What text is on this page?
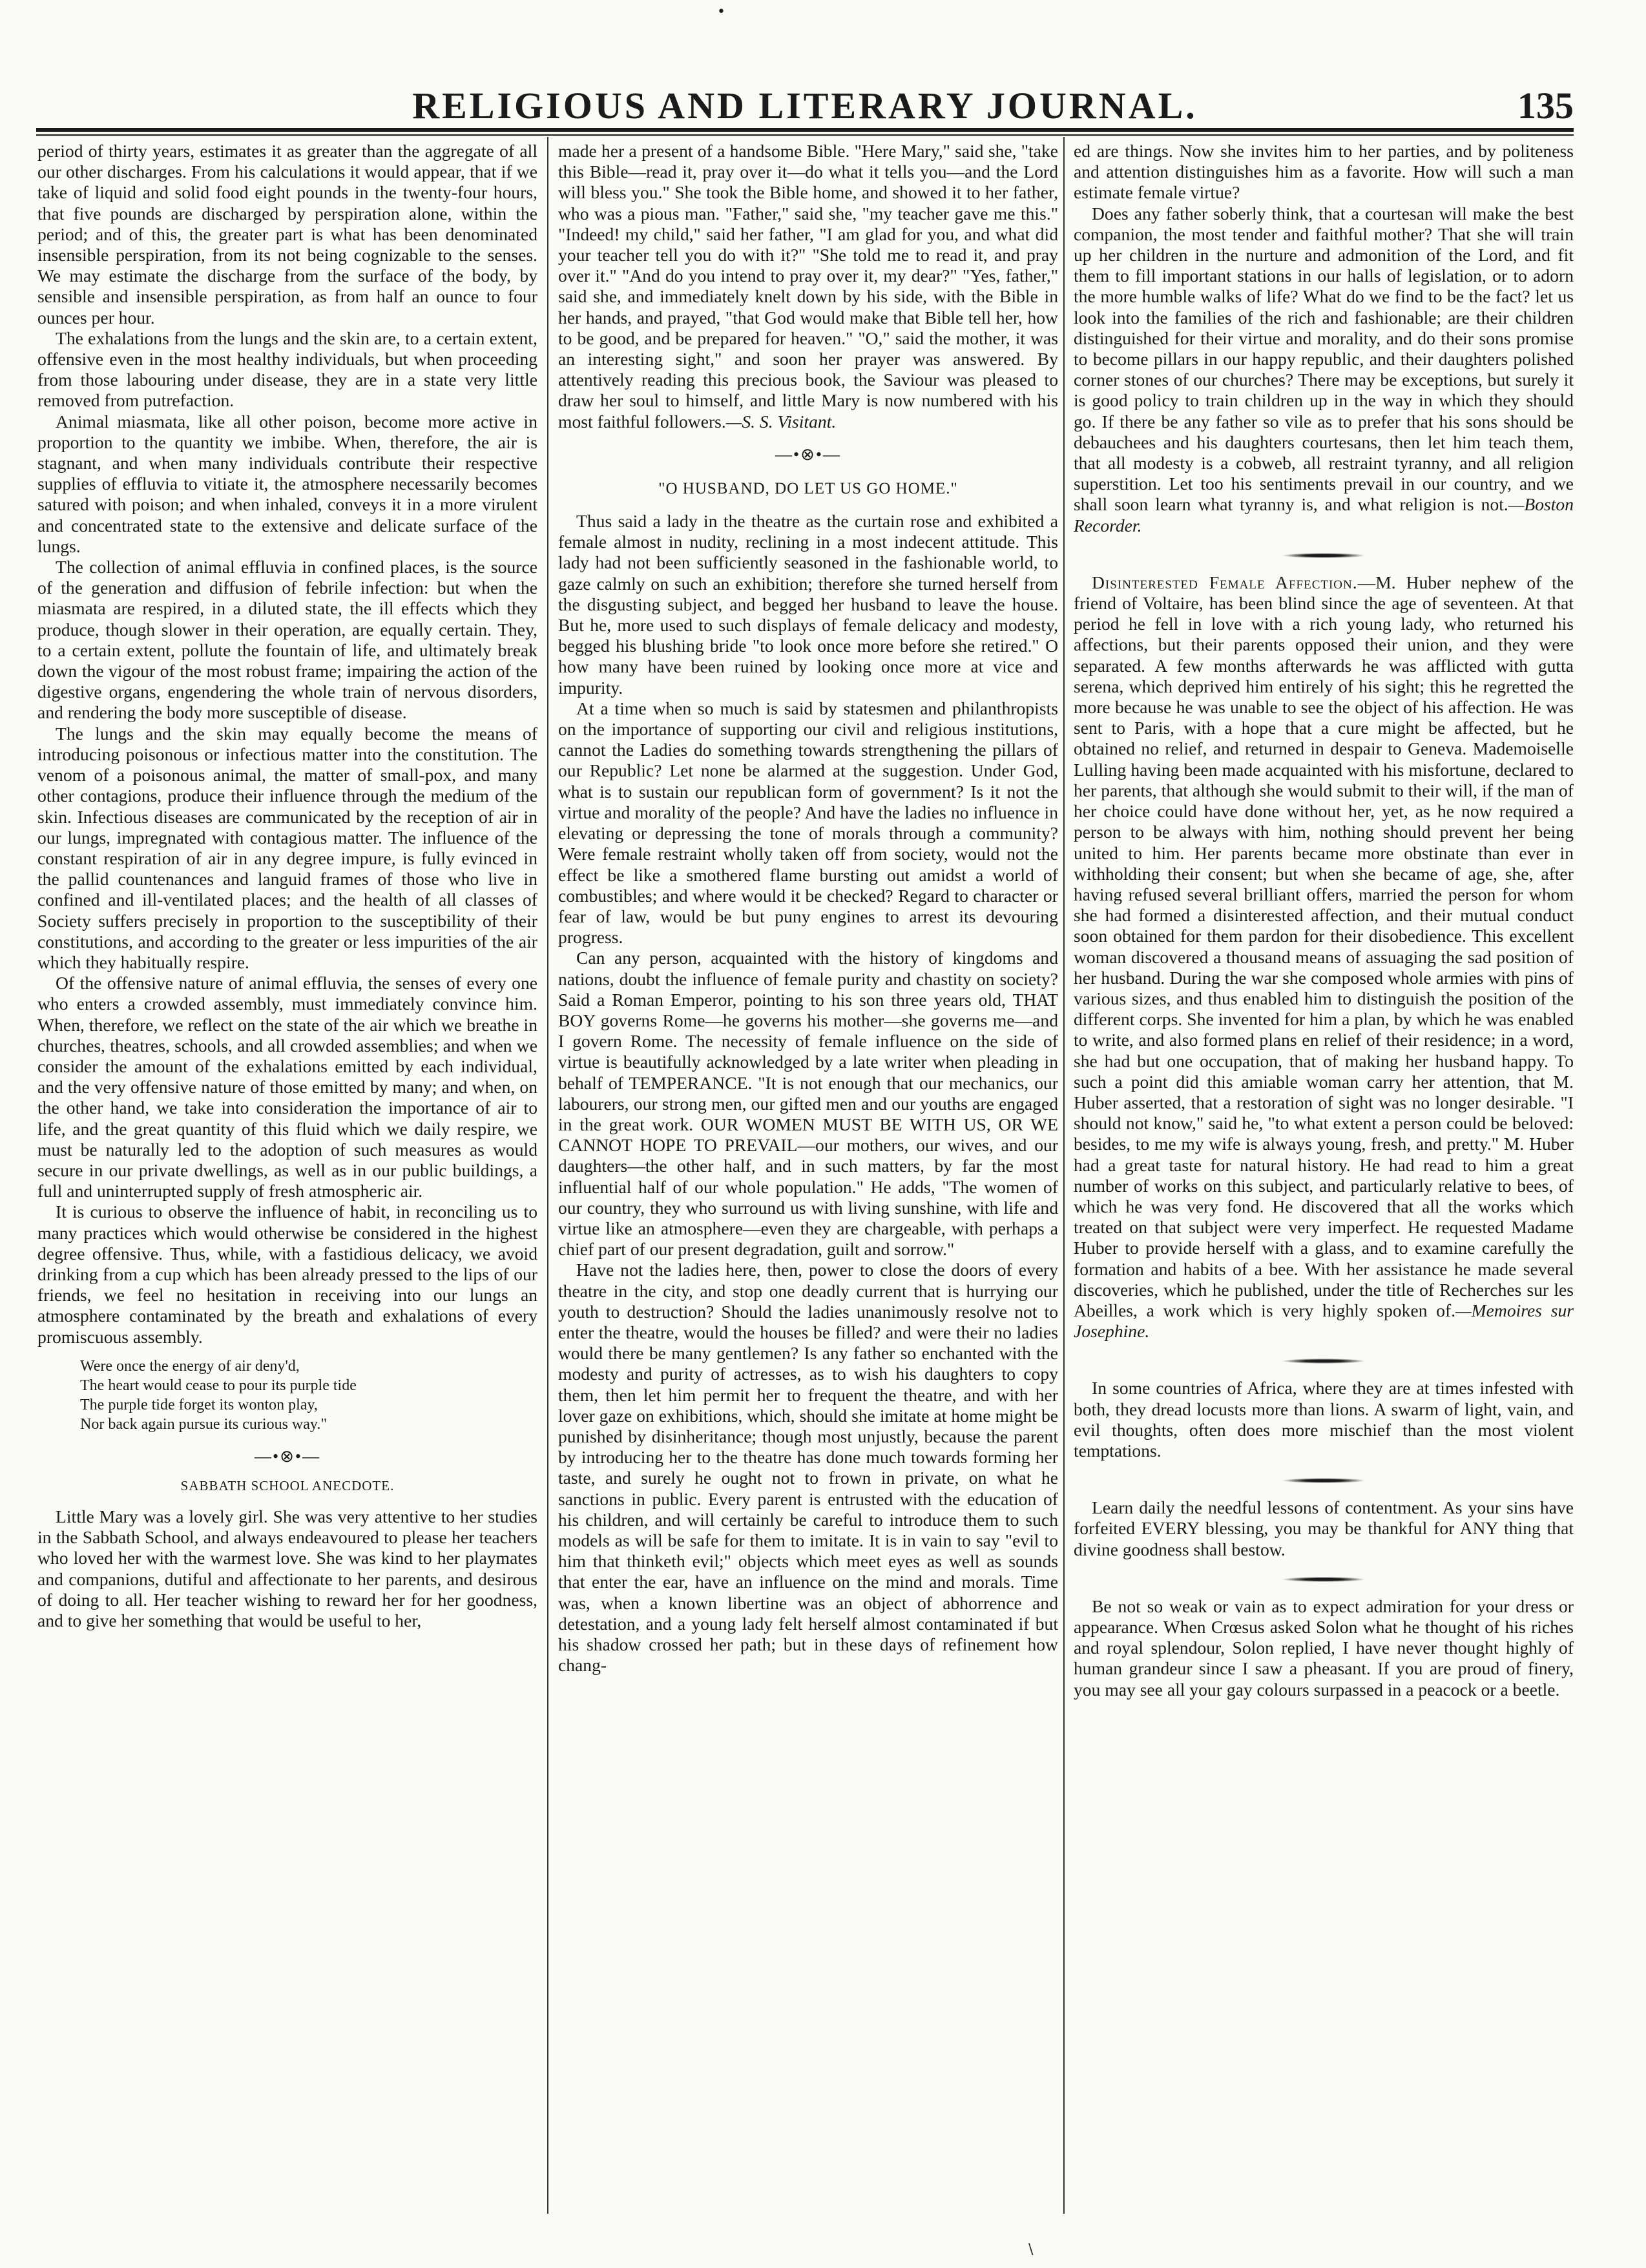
•
RELIGIOUS AND LITERARY JOURNAL.	135

period of thirty years, estimates it as greater than the aggregate of all our other discharges. From his calculations it would appear, that if we take of liquid and solid food eight pounds in the twenty-four hours, that five pounds are discharged by perspiration alone, within the period; and of this, the greater part is what has been denominated insensible perspiration, from its not being cognizable to the senses. We may estimate the discharge from the surface of the body, by sensible and insensible perspiration, as from half an ounce to four ounces per hour.

The exhalations from the lungs and the skin are, to a certain extent, offensive even in the most healthy individuals, but when proceeding from those labouring under disease, they are in a state very little removed from putrefaction.

Animal miasmata, like all other poison, become more active in proportion to the quantity we imbibe. When, therefore, the air is stagnant, and when many individuals contribute their respective supplies of effluvia to vitiate it, the atmosphere necessarily becomes satured with poison; and when inhaled, conveys it in a more virulent and concentrated state to the extensive and delicate surface of the lungs.

The collection of animal effluvia in confined places, is the source of the generation and diffusion of febrile infection: but when the miasmata are respired, in a diluted state, the ill effects which they produce, though slower in their operation, are equally certain. They, to a certain extent, pollute the fountain of life, and ultimately break down the vigour of the most robust frame; impairing the action of the digestive organs, engendering the whole train of nervous disorders, and rendering the body more susceptible of disease.

The lungs and the skin may equally become the means of introducing poisonous or infectious matter into the constitution. The venom of a poisonous animal, the matter of small-pox, and many other contagions, produce their influence through the medium of the skin. Infectious diseases are communicated by the reception of air in our lungs, impregnated with contagious matter. The influence of the constant respiration of air in any degree impure, is fully evinced in the pallid countenances and languid frames of those who live in confined and ill-ventilated places; and the health of all classes of Society suffers precisely in proportion to the susceptibility of their constitutions, and according to the greater or less impurities of the air which they habitually respire.

Of the offensive nature of animal effluvia, the senses of every one who enters a crowded assembly, must immediately convince him. When, therefore, we reflect on the state of the air which we breathe in churches, theatres, schools, and all crowded assemblies; and when we consider the amount of the exhalations emitted by each individual, and the very offensive nature of those emitted by many; and when, on the other hand, we take into consideration the importance of air to life, and the great quantity of this fluid which we daily respire, we must be naturally led to the adoption of such measures as would secure in our private dwellings, as well as in our public buildings, a full and uninterrupted supply of fresh atmospheric air.

It is curious to observe the influence of habit, in reconciling us to many practices which would otherwise be considered in the highest degree offensive. Thus, while, with a fastidious delicacy, we avoid drinking from a cup which has been already pressed to the lips of our friends, we feel no hesitation in receiving into our lungs an atmosphere contaminated by the breath and exhalations of every promiscuous assembly.

Were once the energy of air deny'd,
The heart would cease to pour its purple tide
The purple tide forget its wonton play,
Nor back again pursue its curious way."
—•⊗•—
SABBATH SCHOOL ANECDOTE.

Little Mary was a lovely girl. She was very attentive to her studies in the Sabbath School, and always endeavoured to please her teachers who loved her with the warmest love. She was kind to her playmates and companions, dutiful and affectionate to her parents, and desirous of doing to all. Her teacher wishing to reward her for her goodness, and to give her something that would be useful to her,

made her a present of a handsome Bible. "Here Mary," said she, "take this Bible—read it, pray over it—do what it tells you—and the Lord will bless you." She took the Bible home, and showed it to her father, who was a pious man. "Father," said she, "my teacher gave me this." "Indeed! my child," said her father, "I am glad for you, and what did your teacher tell you do with it?" "She told me to read it, and pray over it." "And do you intend to pray over it, my dear?" "Yes, father," said she, and immediately knelt down by his side, with the Bible in her hands, and prayed, "that God would make that Bible tell her, how to be good, and be prepared for heaven." "O," said the mother, it was an interesting sight," and soon her prayer was answered. By attentively reading this precious book, the Saviour was pleased to draw her soul to himself, and little Mary is now numbered with his most faithful followers.—S. S. Visitant.

—•⊗•—
"O HUSBAND, DO LET US GO HOME."

Thus said a lady in the theatre as the curtain rose and exhibited a female almost in nudity, reclining in a most indecent attitude. This lady had not been sufficiently seasoned in the fashionable world, to gaze calmly on such an exhibition; therefore she turned herself from the disgusting subject, and begged her husband to leave the house. But he, more used to such displays of female delicacy and modesty, begged his blushing bride "to look once more before she retired." O how many have been ruined by looking once more at vice and impurity.

At a time when so much is said by statesmen and philanthropists on the importance of supporting our civil and religious institutions, cannot the Ladies do something towards strengthening the pillars of our Republic? Let none be alarmed at the suggestion. Under God, what is to sustain our republican form of government? Is it not the virtue and morality of the people? And have the ladies no influence in elevating or depressing the tone of morals through a community? Were female restraint wholly taken off from society, would not the effect be like a smothered flame bursting out amidst a world of combustibles; and where would it be checked? Regard to character or fear of law, would be but puny engines to arrest its devouring progress.

Can any person, acquainted with the history of kingdoms and nations, doubt the influence of female purity and chastity on society? Said a Roman Emperor, pointing to his son three years old, THAT BOY governs Rome—he governs his mother—she governs me—and I govern Rome. The necessity of female influence on the side of virtue is beautifully acknowledged by a late writer when pleading in behalf of TEMPERANCE. "It is not enough that our mechanics, our labourers, our strong men, our gifted men and our youths are engaged in the great work. OUR WOMEN MUST BE WITH US, OR WE CANNOT HOPE TO PREVAIL—our mothers, our wives, and our daughters—the other half, and in such matters, by far the most influential half of our whole population." He adds, "The women of our country, they who surround us with living sunshine, with life and virtue like an atmosphere—even they are chargeable, with perhaps a chief part of our present degradation, guilt and sorrow."

Have not the ladies here, then, power to close the doors of every theatre in the city, and stop one deadly current that is hurrying our youth to destruction? Should the ladies unanimously resolve not to enter the theatre, would the houses be filled? and were their no ladies would there be many gentlemen? Is any father so enchanted with the modesty and purity of actresses, as to wish his daughters to copy them, then let him permit her to frequent the theatre, and with her lover gaze on exhibitions, which, should she imitate at home might be punished by disinheritance; though most unjustly, because the parent by introducing her to the theatre has done much towards forming her taste, and surely he ought not to frown in private, on what he sanctions in public. Every parent is entrusted with the education of his children, and will certainly be careful to introduce them to such models as will be safe for them to imitate. It is in vain to say "evil to him that thinketh evil;" objects which meet eyes as well as sounds that enter the ear, have an influence on the mind and morals. Time was, when a known libertine was an object of abhorrence and detestation, and a young lady felt herself almost contaminated if but his shadow crossed her path; but in these days of refinement how chang-

ed are things. Now she invites him to her parties, and by politeness and attention distinguishes him as a favorite. How will such a man estimate female virtue?

Does any father soberly think, that a courtesan will make the best companion, the most tender and faithful mother? That she will train up her children in the nurture and admonition of the Lord, and fit them to fill important stations in our halls of legislation, or to adorn the more humble walks of life? What do we find to be the fact? let us look into the families of the rich and fashionable; are their children distinguished for their virtue and morality, and do their sons promise to become pillars in our happy republic, and their daughters polished corner stones of our churches? There may be exceptions, but surely it is good policy to train children up in the way in which they should go. If there be any father so vile as to prefer that his sons should be debauchees and his daughters courtesans, then let him teach them, that all modesty is a cobweb, all restraint tyranny, and all religion superstition. Let too his sentiments prevail in our country, and we shall soon learn what tyranny is, and what religion is not.—Boston Recorder.

Disinterested Female Affection.—M. Huber nephew of the friend of Voltaire, has been blind since the age of seventeen. At that period he fell in love with a rich young lady, who returned his affections, but their parents opposed their union, and they were separated. A few months afterwards he was afflicted with gutta serena, which deprived him entirely of his sight; this he regretted the more because he was unable to see the object of his affection. He was sent to Paris, with a hope that a cure might be affected, but he obtained no relief, and returned in despair to Geneva. Mademoiselle Lulling having been made acquainted with his misfortune, declared to her parents, that although she would submit to their will, if the man of her choice could have done without her, yet, as he now required a person to be always with him, nothing should prevent her being united to him. Her parents became more obstinate than ever in withholding their consent; but when she became of age, she, after having refused several brilliant offers, married the person for whom she had formed a disinterested affection, and their mutual conduct soon obtained for them pardon for their disobedience. This excellent woman discovered a thousand means of assuaging the sad position of her husband. During the war she composed whole armies with pins of various sizes, and thus enabled him to distinguish the position of the different corps. She invented for him a plan, by which he was enabled to write, and also formed plans en relief of their residence; in a word, she had but one occupation, that of making her husband happy. To such a point did this amiable woman carry her attention, that M. Huber asserted, that a restoration of sight was no longer desirable. "I should not know," said he, "to what extent a person could be beloved: besides, to me my wife is always young, fresh, and pretty." M. Huber had a great taste for natural history. He had read to him a great number of works on this subject, and particularly relative to bees, of which he was very fond. He discovered that all the works which treated on that subject were very imperfect. He requested Madame Huber to provide herself with a glass, and to examine carefully the formation and habits of a bee. With her assistance he made several discoveries, which he published, under the title of Recherches sur les Abeilles, a work which is very highly spoken of.—Memoires sur Josephine.

In some countries of Africa, where they are at times infested with both, they dread locusts more than lions. A swarm of light, vain, and evil thoughts, often does more mischief than the most violent temptations.

Learn daily the needful lessons of contentment. As your sins have forfeited EVERY blessing, you may be thankful for ANY thing that divine goodness shall bestow.

Be not so weak or vain as to expect admiration for your dress or appearance. When Crœsus asked Solon what he thought of his riches and royal splendour, Solon replied, I have never thought highly of human grandeur since I saw a pheasant. If you are proud of finery, you may see all your gay colours surpassed in a peacock or a beetle.

\
